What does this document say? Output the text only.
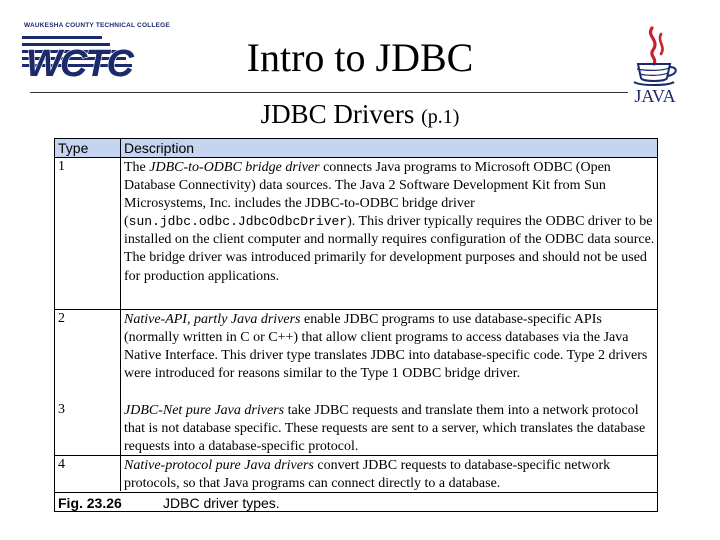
WAUKESHA COUNTY TECHNICAL COLLEGE
WCTC	Intro to JDBC
JAVA
JDBC Drivers (p.1)
Type	Description
1	The JDBC-to-ODBC bridge driver connects Java programs to Microsoft ODBC (Open Database Connectivity) data sources. The Java 2 Software Development Kit from Sun Microsystems, Inc. includes the JDBC-to-ODBC bridge driver (sun.jdbc.odbc.JdbcOdbcDriver). This driver typically requires the ODBC driver to be installed on the client computer and normally requires configuration of the ODBC data source. The bridge driver was introduced primarily for development purposes and should not be used for production applications.
2	Native-API, partly Java drivers enable JDBC programs to use database-specific APIs (normally written in C or C++) that allow client programs to access databases via the Java Native Interface. This driver type translates JDBC into database-specific code. Type 2 drivers were introduced for reasons similar to the Type 1 ODBC bridge driver.
3	JDBC-Net pure Java drivers take JDBC requests and translate them into a network protocol that is not database specific. These requests are sent to a server, which translates the database requests into a database-specific protocol.
4	Native-protocol pure Java drivers convert JDBC requests to database-specific network protocols, so that Java programs can connect directly to a database.
Fig. 23.26	JDBC driver types.
